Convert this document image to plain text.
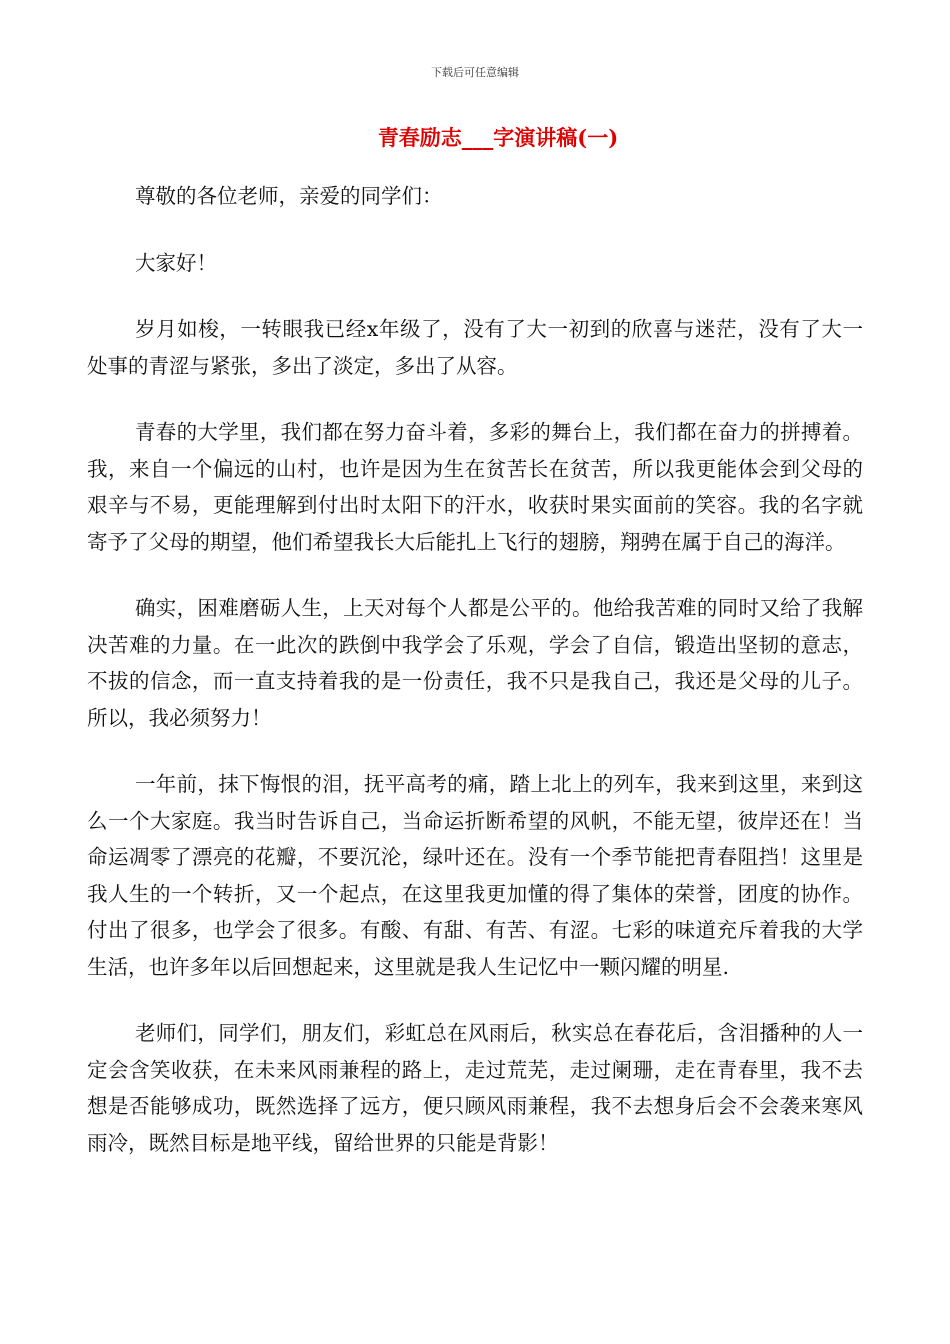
下载后可任意编辑
青春励志___字演讲稿(一)

尊敬的各位老师，亲爱的同学们：

大家好！

岁月如梭，一转眼我已经x年级了，没有了大一初到的欣喜与迷茫，没有了大一处事的青涩与紧张，多出了淡定，多出了从容。

青春的大学里，我们都在努力奋斗着，多彩的舞台上，我们都在奋力的拼搏着。我，来自一个偏远的山村，也许是因为生在贫苦长在贫苦，所以我更能体会到父母的艰辛与不易，更能理解到付出时太阳下的汗水，收获时果实面前的笑容。我的名字就寄予了父母的期望，他们希望我长大后能扎上飞行的翅膀，翔骋在属于自己的海洋。

确实，困难磨砺人生，上天对每个人都是公平的。他给我苦难的同时又给了我解决苦难的力量。在一此次的跌倒中我学会了乐观，学会了自信，锻造出坚韧的意志，不拔的信念，而一直支持着我的是一份责任，我不只是我自己，我还是父母的儿子。所以，我必须努力！

一年前，抹下悔恨的泪，抚平高考的痛，踏上北上的列车，我来到这里，来到这么一个大家庭。我当时告诉自己，当命运折断希望的风帆，不能无望，彼岸还在！当命运凋零了漂亮的花瓣，不要沉沦，绿叶还在。没有一个季节能把青春阻挡！这里是我人生的一个转折，又一个起点，在这里我更加懂的得了集体的荣誉，团度的协作。付出了很多，也学会了很多。有酸、有甜、有苦、有涩。七彩的味道充斥着我的大学生活，也许多年以后回想起来，这里就是我人生记忆中一颗闪耀的明星.

老师们，同学们，朋友们，彩虹总在风雨后，秋实总在春花后，含泪播种的人一定会含笑收获，在未来风雨兼程的路上，走过荒芜，走过阑珊，走在青春里，我不去想是否能够成功，既然选择了远方，便只顾风雨兼程，我不去想身后会不会袭来寒风雨冷，既然目标是地平线，留给世界的只能是背影！
